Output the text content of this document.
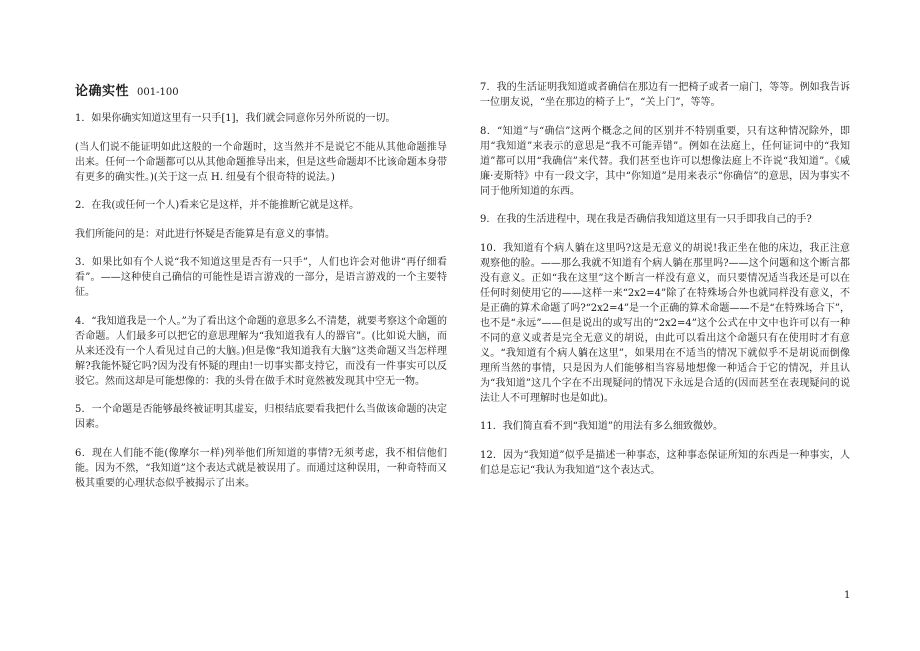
论确实性 001-100

1．如果你确实知道这里有一只手[1]，我们就会同意你另外所说的一切。

(当人们说不能证明如此这般的一个命题时，这当然并不是说它不能从其他命题推导出来。任何一个命题都可以从其他命题推导出来，但是这些命题却不比该命题本身带有更多的确实性。)(关于这一点 H. 纽曼有个很奇特的说法。)

2．在我(或任何一个人)看来它是这样，并不能推断它就是这样。

我们所能问的是：对此进行怀疑是否能算是有意义的事情。

3．如果比如有个人说“我不知道这里是否有一只手”，人们也许会对他讲“再仔细看看”。——这种使自己确信的可能性是语言游戏的一部分，是语言游戏的一个主要特征。

4．“我知道我是一个人。”为了看出这个命题的意思多么不清楚，就要考察这个命题的否命题。人们最多可以把它的意思理解为“我知道我有人的器官”。(比如说大脑，而从来还没有一个人看见过自己的大脑。)但是像“我知道我有大脑”这类命题又当怎样理解?我能怀疑它吗?因为没有怀疑的理由!一切事实都支持它，而没有一件事实可以反驳它。然而这却是可能想像的：我的头骨在做手术时竟然被发现其中空无一物。

5．一个命题是否能够最终被证明其虚妄，归根结底要看我把什么当做该命题的决定因素。

6．现在人们能不能(像摩尔一样)列举他们所知道的事情?无须考虑，我不相信他们能。因为不然，“我知道”这个表达式就是被误用了。而通过这种误用，一种奇特而又极其重要的心理状态似乎被揭示了出来。

7．我的生活证明我知道或者确信在那边有一把椅子或者一扇门，等等。例如我告诉一位朋友说，“坐在那边的椅子上”，“关上门”，等等。

8．“知道”与“确信”这两个概念之间的区别并不特别重要，只有这种情况除外，即用“我知道”来表示的意思是“我不可能弄错”。例如在法庭上，任何证词中的“我知道”都可以用“我确信”来代替。我们甚至也许可以想像法庭上不许说“我知道”。《威廉·麦斯特》中有一段文字，其中“你知道”是用来表示“你确信”的意思，因为事实不同于他所知道的东西。

9．在我的生活进程中，现在我是否确信我知道这里有一只手即我自己的手?

10．我知道有个病人躺在这里吗?这是无意义的胡说!我正坐在他的床边，我正注意观察他的脸。——那么我就不知道有个病人躺在那里吗?——这个问题和这个断言都没有意义。正如“我在这里”这个断言一样没有意义，而只要情况适当我还是可以在任何时刻使用它的——这样一来“2x2=4”除了在特殊场合外也就同样没有意义，不是正确的算术命题了吗?“2x2=4”是一个正确的算术命题——不是“在特殊场合下”，也不是“永远”——但是说出的或写出的“2x2=4”这个公式在中文中也许可以有一种不同的意义或者是完全无意义的胡说，由此可以看出这个命题只有在使用时才有意义。“我知道有个病人躺在这里”，如果用在不适当的情况下就似乎不是胡说而倒像理所当然的事情，只是因为人们能够相当容易地想像一种适合于它的情况，并且认为“我知道”这几个字在不出现疑问的情况下永远是合适的(因而甚至在表现疑问的说法让人不可理解时也是如此)。

11．我们简直看不到“我知道”的用法有多么细致微妙。

12．因为“我知道”似乎是描述一种事态，这种事态保证所知的东西是一种事实，人们总是忘记“我认为我知道”这个表达式。

1
